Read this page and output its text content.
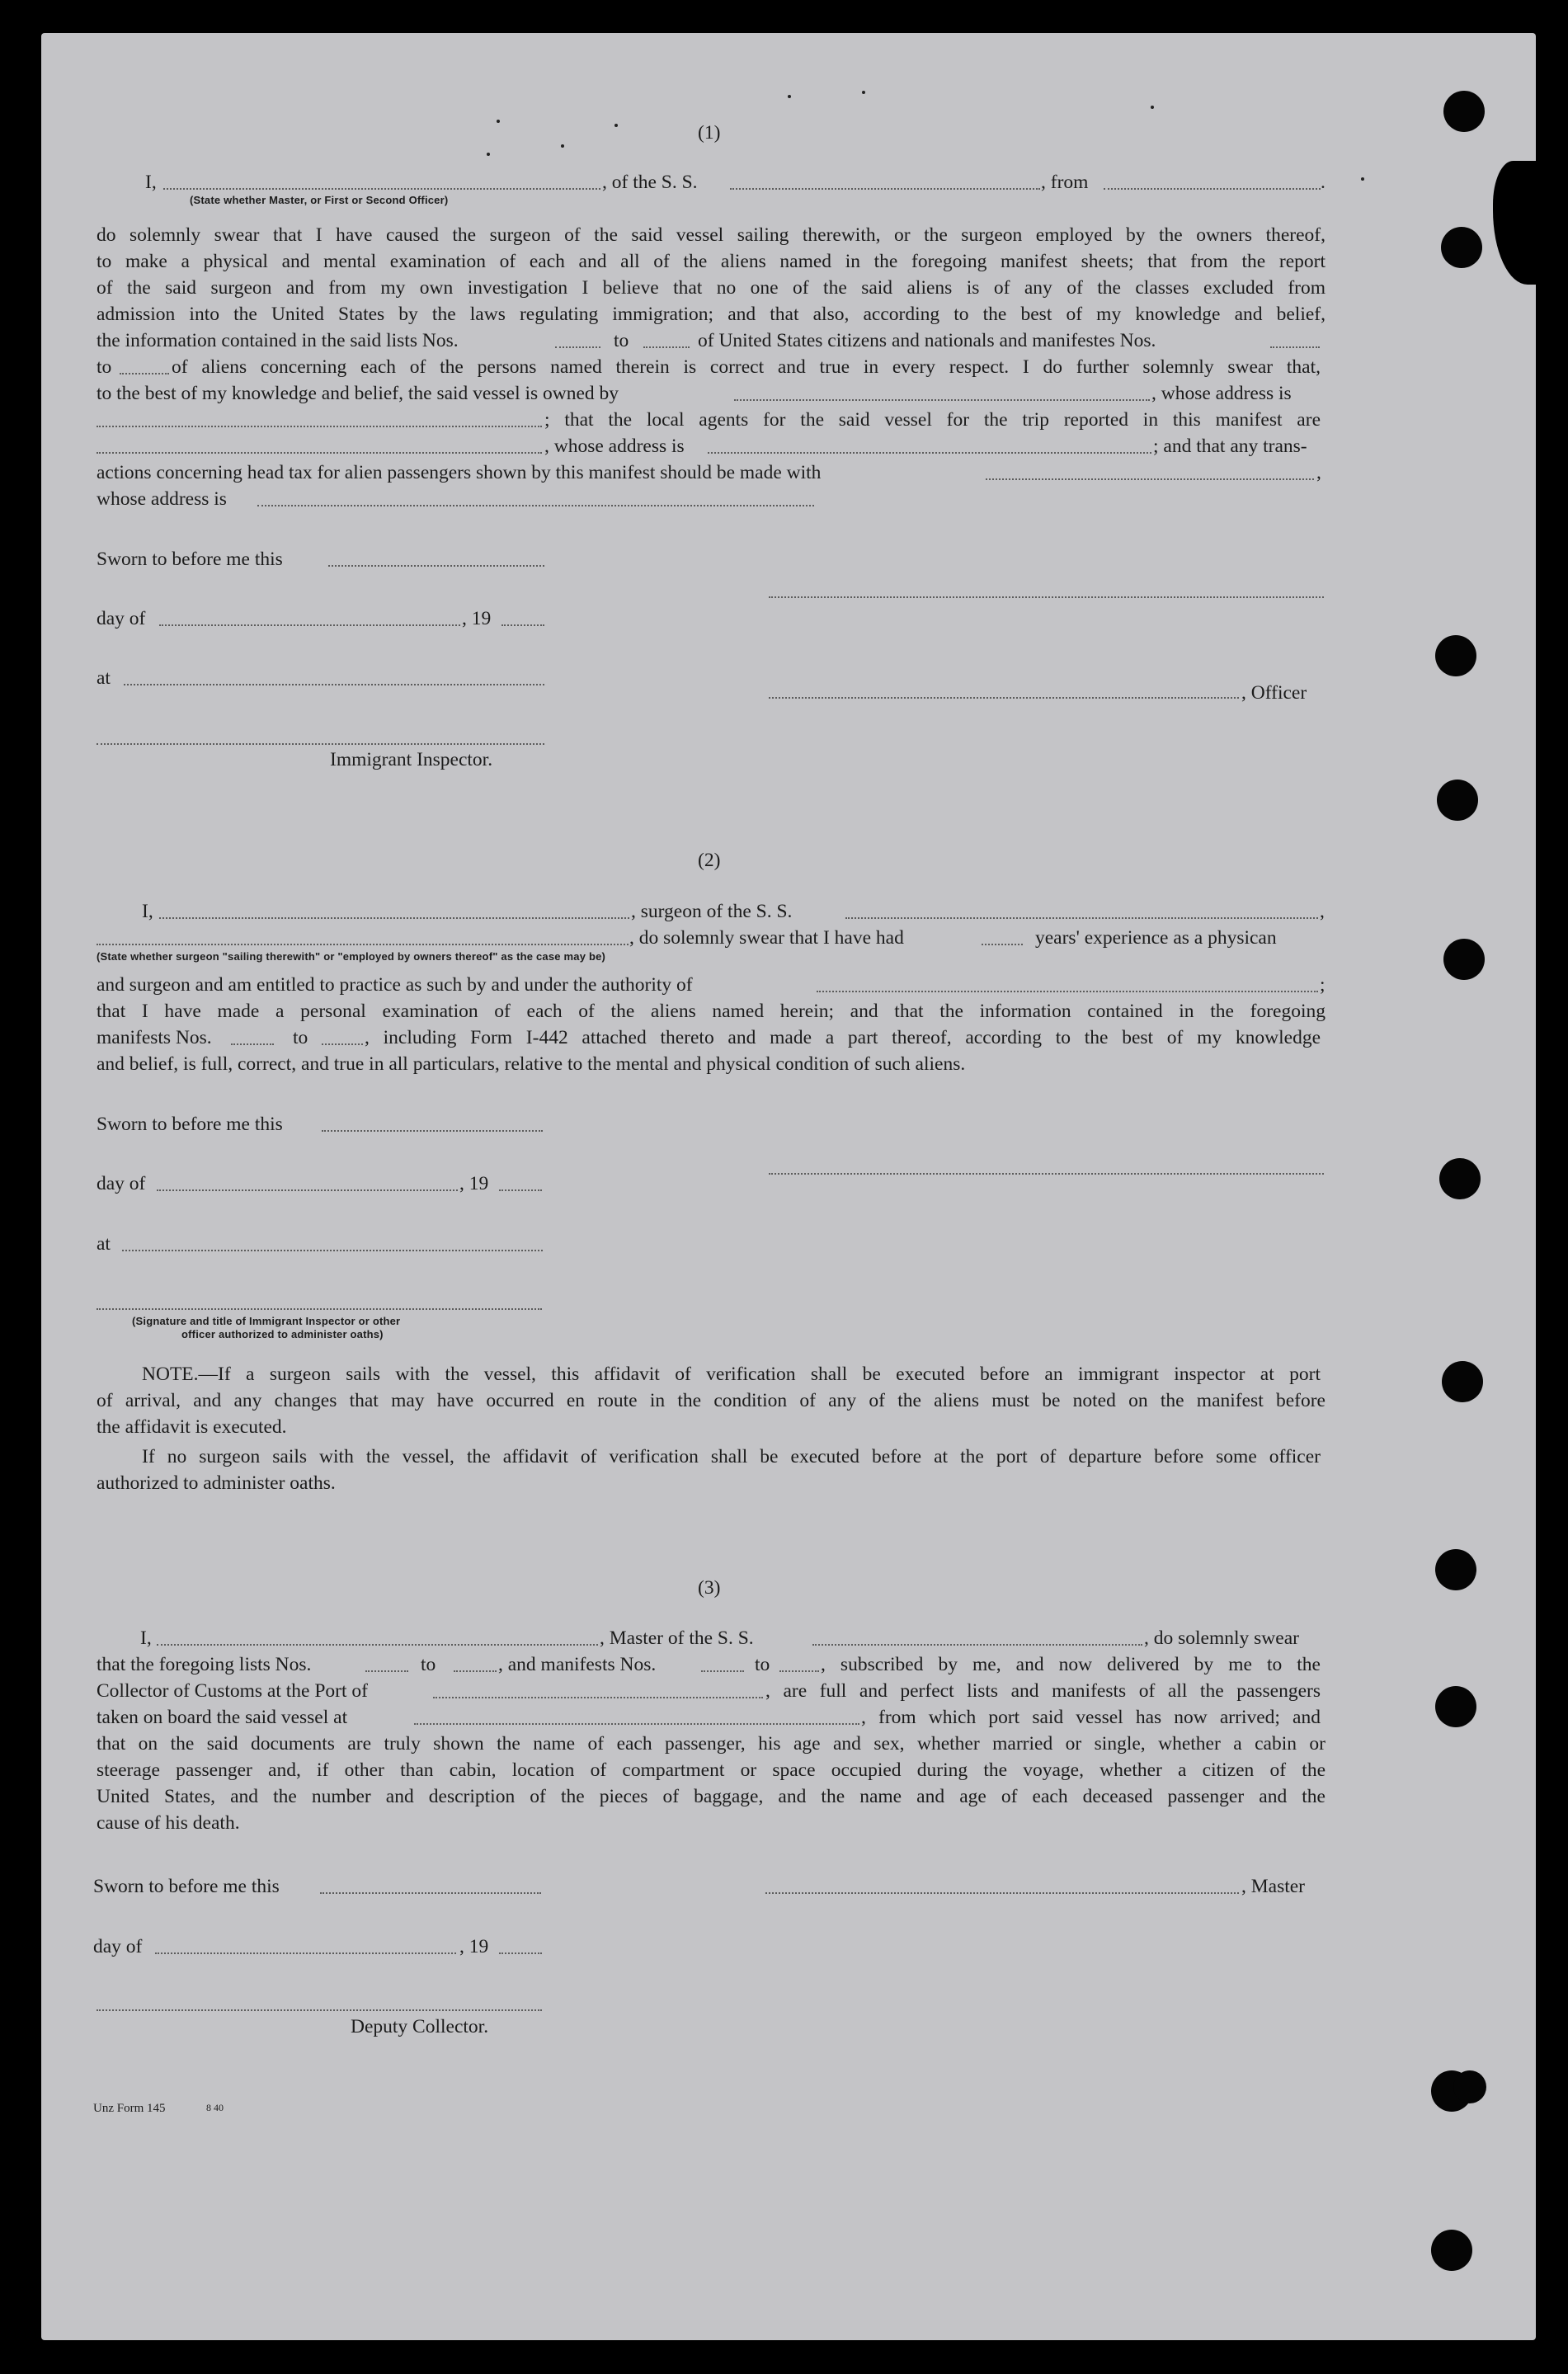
(1)
I,	, of the S. S.	, from	.
(State whether Master, or First or Second Officer)
do solemnly swear that I have caused the surgeon of the said vessel sailing therewith, or the surgeon employed by the owners thereof,
to make a physical and mental examination of each and all of the aliens named in the foregoing manifest sheets; that from the report
of the said surgeon and from my own investigation I believe that no one of the said aliens is of any of the classes excluded from
admission into the United States by the laws regulating immigration; and that also, according to the best of my knowledge and belief,
the information contained in the said lists Nos.	to	of United States citizens and nationals and manifestes Nos.
to	of aliens concerning each of the persons named therein is correct and true in every respect. I do further solemnly swear that,
to the best of my knowledge and belief, the said vessel is owned by	, whose address is
; that the local agents for the said vessel for the trip reported in this manifest are
, whose address is	; and that any trans-
actions concerning head tax for alien passengers shown by this manifest should be made with	,
whose address is
Sworn to before me this
day of	, 19
at
, Officer
Immigrant Inspector.
(2)
I,	, surgeon of the S. S.	,
, do solemnly swear that I have had	years' experience as a physican
(State whether surgeon "sailing therewith" or "employed by owners thereof" as the case may be)
and surgeon and am entitled to practice as such by and under the authority of	;
that I have made a personal examination of each of the aliens named herein; and that the information contained in the foregoing
manifests Nos.	to	, including Form I-442 attached thereto and made a part thereof, according to the best of my knowledge
and belief, is full, correct, and true in all particulars, relative to the mental and physical condition of such aliens.
Sworn to before me this
day of	, 19
at
(Signature and title of Immigrant Inspector or other
officer authorized to administer oaths)
NOTE.—If a surgeon sails with the vessel, this affidavit of verification shall be executed before an immigrant inspector at port
of arrival, and any changes that may have occurred en route in the condition of any of the aliens must be noted on the manifest before
the affidavit is executed.
If no surgeon sails with the vessel, the affidavit of verification shall be executed before at the port of departure before some officer
authorized to administer oaths.
(3)
I,	, Master of the S. S.	, do solemnly swear
that the foregoing lists Nos.	to	, and manifests Nos.	to	, subscribed by me, and now delivered by me to the
Collector of Customs at the Port of	, are full and perfect lists and manifests of all the passengers
taken on board the said vessel at	, from which port said vessel has now arrived; and
that on the said documents are truly shown the name of each passenger, his age and sex, whether married or single, whether a cabin or
steerage passenger and, if other than cabin, location of compartment or space occupied during the voyage, whether a citizen of the
United States, and the number and description of the pieces of baggage, and the name and age of each deceased passenger and the
cause of his death.
Sworn to before me this	, Master
day of	, 19
Deputy Collector.
Unz Form 145	8 40
